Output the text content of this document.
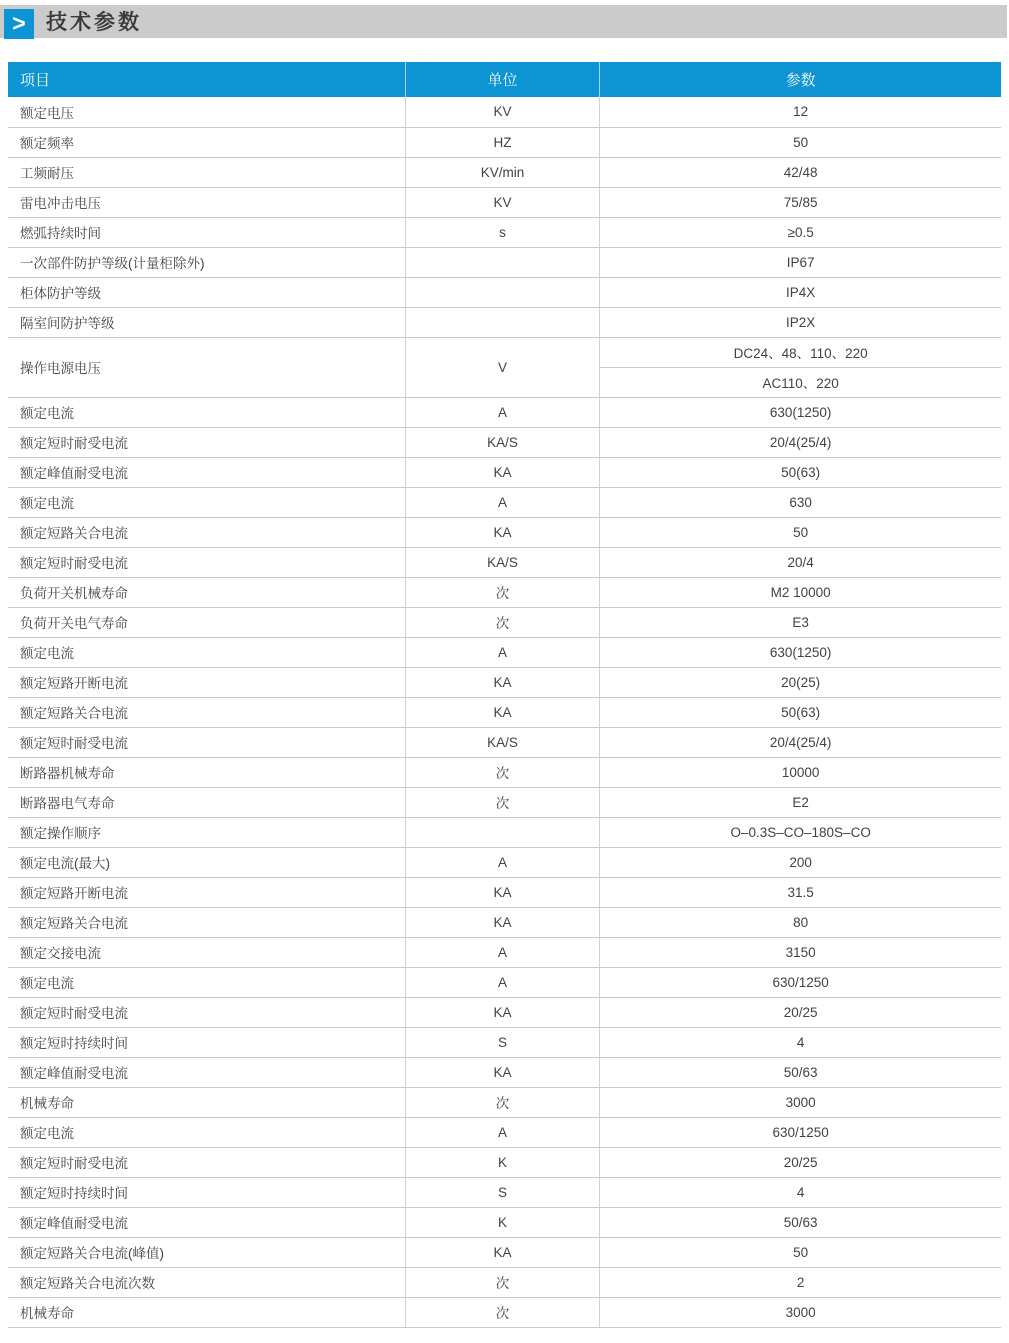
> 技术参数
项目	单位	参数
额定电压	KV	12
额定频率	HZ	50
工频耐压	KV/min	42/48
雷电冲击电压	KV	75/85
燃弧持续时间	s	≥0.5
一次部件防护等级(计量柜除外)		IP67
柜体防护等级		IP4X
隔室间防护等级		IP2X
操作电源电压	V	DC24、48、110、220
		AC110、220
额定电流	A	630(1250)
额定短时耐受电流	KA/S	20/4(25/4)
额定峰值耐受电流	KA	50(63)
额定电流	A	630
额定短路关合电流	KA	50
额定短时耐受电流	KA/S	20/4
负荷开关机械寿命	次	M2 10000
负荷开关电气寿命	次	E3
额定电流	A	630(1250)
额定短路开断电流	KA	20(25)
额定短路关合电流	KA	50(63)
额定短时耐受电流	KA/S	20/4(25/4)
断路器机械寿命	次	10000
断路器电气寿命	次	E2
额定操作顺序		O–0.3S–CO–180S–CO
额定电流(最大)	A	200
额定短路开断电流	KA	31.5
额定短路关合电流	KA	80
额定交接电流	A	3150
额定电流	A	630/1250
额定短时耐受电流	KA	20/25
额定短时持续时间	S	4
额定峰值耐受电流	KA	50/63
机械寿命	次	3000
额定电流	A	630/1250
额定短时耐受电流	K	20/25
额定短时持续时间	S	4
额定峰值耐受电流	K	50/63
额定短路关合电流(峰值)	KA	50
额定短路关合电流次数	次	2
机械寿命	次	3000
